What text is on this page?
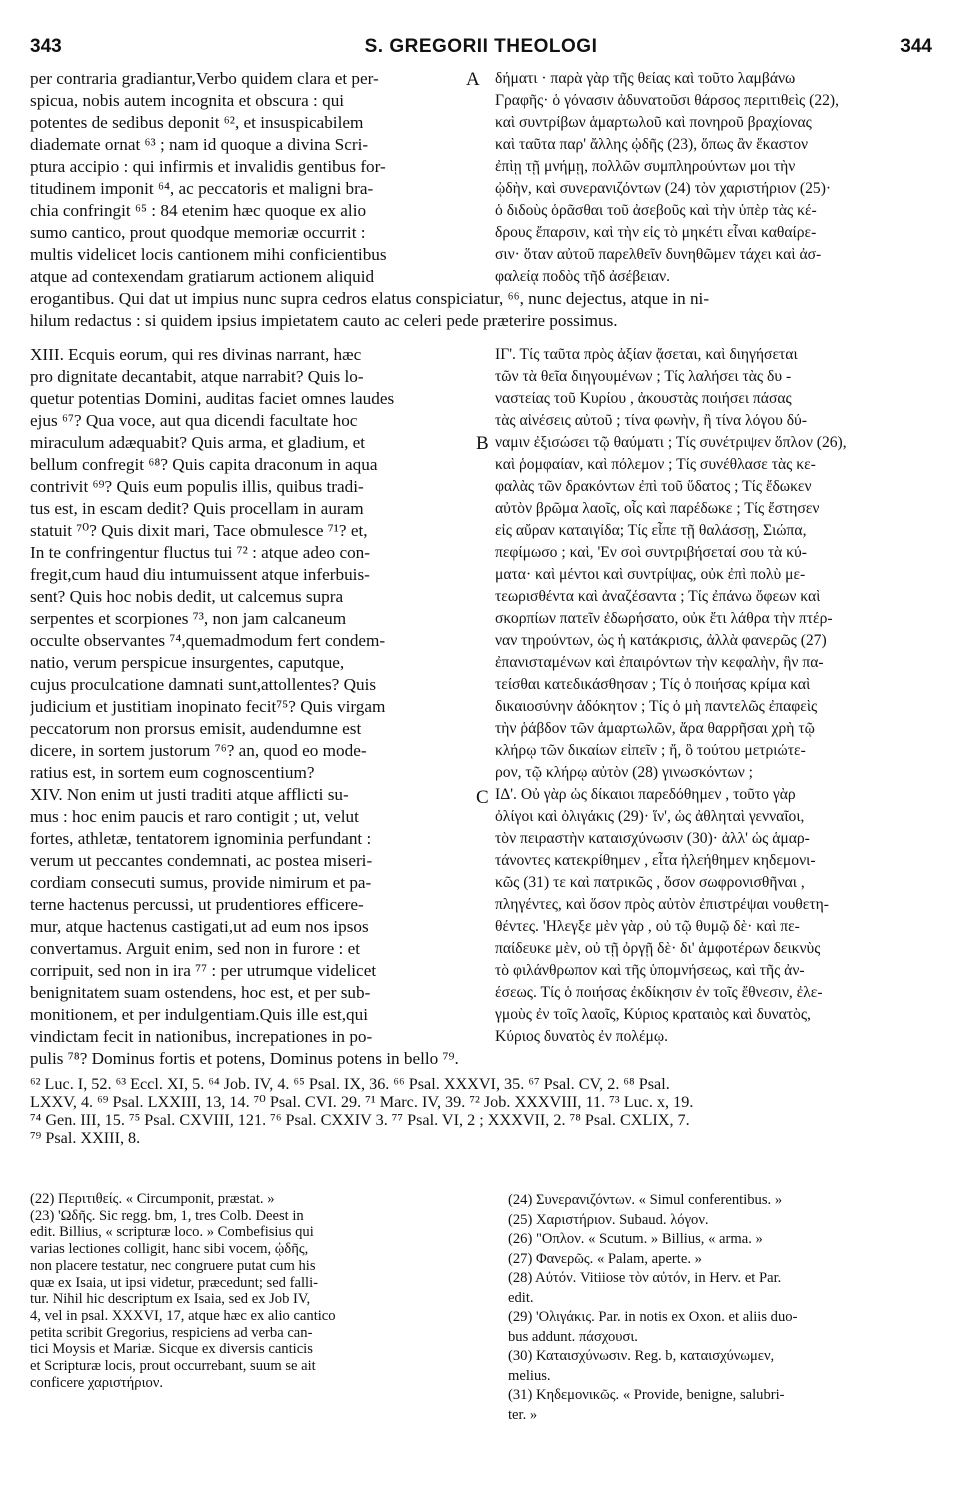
343	S. GREGORII THEOLOGI	344
A
B
C
per contraria gradiantur,Verbo quidem clara et per-
spicua, nobis autem incognita et obscura : qui
potentes de sedibus deponit ⁶², et insuspicabilem
diadematе ornat ⁶³ ; nam id quoque a divina Scri-
ptura accipio : qui infirmis et invalidis gentibus for-
titudinem imponit ⁶⁴, ac peccatoris et maligni bra-
chia confringit ⁶⁵ : 84 etenim hæc quoque ex alio
sumo cantico, prout quodque memoriæ occurrit :
multis videlicet locis cantionem mihi conficientibus
atque ad contexendam gratiarum actionem aliquid
δήματι · παρὰ γὰρ τῆς θείας καὶ τοῦτο λαμβάνω
Γραφῆς· ὁ γόνασιν ἀδυνατοῦσι θάρσος περιτιθεὶς (22),
καὶ συντρίβων ἁμαρτωλοῦ καὶ πονηροῦ βραχίονας
καὶ ταῦτα παρ' ἄλλης ᾠδῆς (23), ὅπως ἂν ἕκαστον
ἐπὶῃ τῇ μνήμῃ, πολλῶν συμπληρούντων μοι τὴν
ᾠδὴν, καὶ συνερανιζόντων (24) τὸν χαριστήριον (25)·
ὁ διδοὺς ὁρᾶσθαι τοῦ ἀσεβοῦς καὶ τὴν ὑπὲρ τὰς κέ-
δρους ἔπαρσιν, καὶ τὴν εἰς τὸ μηκέτι εἶναι καθαίρε-
σιν· ὅταν αὐτοῦ παρελθεῖν δυνηθῶμεν τάχει καὶ ἀσ-
φαλείᾳ ποδὸς τῆδ ἀσέβειαν.
erogantibus. Qui dat ut impius nunc supra cedros elatus conspiciatur, ⁶⁶, nunc dejectus, atque in ni-
hilum redactus : si quidem ipsius impietatem cauto ac celeri pede præterire possimus.
XIII. Ecquis eorum, qui res divinas narrant, hæc
pro dignitate decantabit, atque narrabit? Quis lo-
quetur potentias Domini, auditas faciet omnes laudes
ejus ⁶⁷? Qua voce, aut qua dicendi facultate hoc
miraculum adæquabit? Quis arma, et gladium, et
bellum confregit ⁶⁸? Quis capita draconum in aqua
contrivit ⁶⁹? Quis eum populis illis, quibus tradi-
tus est, in escam dedit? Quis procellam in auram
statuit ⁷⁰? Quis dixit mari, Tace obmulesce ⁷¹? et,
In te confringentur fluctus tui ⁷² : atque adeo con-
fregit,cum haud diu intumuissent atque inferbuis-
sent? Quis hoc nobis dedit, ut calcemus supra
serpentes et scorpiones ⁷³, non jam calcaneum
occulte observantes ⁷⁴,quemadmodum fert condem-
natio, verum perspicue insurgentes, caputque,
cujus proculcatione damnati sunt,attollentes? Quis
judicium et justitiam inopinato fecit⁷⁵? Quis virgam
peccatorum non prorsus emisit, audendumne est
dicere, in sortem justorum ⁷⁶? an, quod eo mode-
ratius est, in sortem eum cognoscentium?
XIV. Non enim ut justi traditi atque afflicti su-
mus : hoc enim paucis et raro contigit ; ut, velut
fortes, athletæ, tentatorem ignominia perfundant :
verum ut peccantes condemnati, ac postea miseri-
cordiam consecuti sumus, provide nimirum et pa-
terne hactenus percussi, ut prudentiores efficere-
mur, atque hactenus castigati,ut ad eum nos ipsos
convertamus. Arguit enim, sed non in furore : et
corripuit, sed non in ira ⁷⁷ : per utrumque videlicet
benignitatem suam ostendens, hoc est, et per sub-
monitionem, et per indulgentiam.Quis ille est,qui
vindictam fecit in nationibus, increpationes in po-
ΙΓ'. Τίς ταῦτα πρὸς ἀξίαν ᾄσεται, καὶ διηγήσεται
τῶν τὰ θεῖα διηγουμένων ; Τίς λαλήσει τὰς δυ -
ναστείας τοῦ Κυρίου , ἀκουστὰς ποιήσει πάσας
τὰς αἰνέσεις αὐτοῦ ; τίνα φωνὴν, ἢ τίνα λόγου δύ-
ναμιν ἐξισώσει τῷ θαύματι ; Τίς συνέτριψεν ὅπλον (26),
καὶ ῥομφαίαν, καὶ πόλεμον ; Τίς συνέθλασε τὰς κε-
φαλὰς τῶν δρακόντων ἐπὶ τοῦ ὕδατος ; Τίς ἔδωκεν
αὐτὸν βρῶμα λαοῖς, οἷς καὶ παρέδωκε ; Τίς ἔστησεν
εἰς αὔραν καταιγίδα; Τίς εἶπε τῇ θαλάσσῃ, Σιώπα,
πεφίμωσο ; καὶ, 'Εν σοὶ συντριβήσεταί σου τὰ κύ-
ματα· καὶ μέντοι καὶ συντρίψας, οὐκ ἐπὶ πολὺ με-
τεωρισθέντα καὶ ἀναζέσαντα ; Τίς ἐπάνω ὄφεων καὶ
σκορπίων πατεῖν ἐδωρήσατο, οὐκ ἔτι λάθρα τὴν πτέρ-
ναν τηρούντων, ὡς ἡ κατάκρισις, ἀλλὰ φανερῶς (27)
ἐπανισταμένων καὶ ἐπαιρόντων τὴν κεφαλὴν, ἣν πα-
τείσθαι κατεδικάσθησαν ; Τίς ὁ ποιήσας κρίμα καὶ
δικαιοσύνην ἀδόκητον ; Τίς ὁ μὴ παντελῶς ἐπαφεὶς
τὴν ῥάβδον τῶν ἁμαρτωλῶν, ἄρα θαρρῆσαι χρὴ τῷ
κλήρῳ τῶν δικαίων εἰπεῖν ; ἤ, ὃ τούτου μετριώτε-
ρον, τῷ κλήρῳ αὐτὸν (28) γινωσκόντων ;
ΙΔ'. Οὐ γὰρ ὡς δίκαιοι παρεδόθημεν , τοῦτο γὰρ
ὀλίγοι καὶ ὀλιγάκις (29)· ἵν', ὡς ἀθληταὶ γενναῖοι,
τὸν πειραστὴν καταισχύνωσιν (30)· ἀλλ' ὡς ἁμαρ-
τάνοντες κατεκρίθημεν , εἶτα ἠλεήθημεν κηδεμονι-
κῶς (31) τε καὶ πατρικῶς , ὅσον σωφρονισθῆναι ,
πληγέντες, καὶ ὅσον πρὸς αὐτὸν ἐπιστρέψαι νουθετη-
θέντες. 'Ηλεγξε μὲν γὰρ , οὐ τῷ θυμῷ δὲ· καὶ πε-
παίδευκε μὲν, οὐ τῇ ὀργῇ δὲ· δι' ἀμφοτέρων δεικνὺς
τὸ φιλάνθρωπον καὶ τῆς ὑπομνήσεως, καὶ τῆς ἀν-
έσεως. Τίς ὁ ποιήσας ἐκδίκησιν ἐν τοῖς ἔθνεσιν, ἐλε-
γμοὺς ἐν τοῖς λαοῖς, Κύριος κραταιὸς καὶ δυνατὸς,
Κύριος δυνατὸς ἐν πολέμῳ.
pulis ⁷⁸? Dominus fortis et potens, Dominus potens in bello ⁷⁹.
⁶² Luc. I, 52. ⁶³ Eccl. XI, 5. ⁶⁴ Job. IV, 4. ⁶⁵ Psal. IX, 36. ⁶⁶ Psal. XXXVI, 35. ⁶⁷ Psal. CV, 2. ⁶⁸ Psal.
LXXV, 4. ⁶⁹ Psal. LXXIII, 13, 14. ⁷⁰ Psal. CVI. 29. ⁷¹ Marc. IV, 39. ⁷² Job. XXXVIII, 11. ⁷³ Luc. x, 19.
⁷⁴ Gen. III, 15. ⁷⁵ Psal. CXVIII, 121. ⁷⁶ Psal. CXXIV 3. ⁷⁷ Psal. VI, 2 ; XXXVII, 2. ⁷⁸ Psal. CXLIX, 7.
⁷⁹ Psal. XXIII, 8.
(22) Περιτιθείς. « Circumponit, præstat. »
(23) 'Ωδῆς. Sic regg. bm, 1, tres Colb. Deest in
edit. Billius, « scripturæ loco. » Combefisius qui
varias lectiones colligit, hanc sibi vocem, ᾠδῆς,
non placere testatur, nec congruere putat cum his
quæ ex Isaia, ut ipsi videtur, præcedunt; sed falli-
tur. Nihil hic descriptum ex Isaia, sed ex Job IV,
4, vel in psal. XXXVI, 17, atque hæc ex alio cantico
petita scribit Gregorius, respiciens ad verba can-
tici Moysis et Mariæ. Sicque ex diversis canticis
et Scripturæ locis, prout occurrebant, suum se ait
conficere χαριστήριον.
(24) Συνερανιζόντων. « Simul conferentibus. »
(25) Χαριστήριον. Subaud. λόγον.
(26) "Οπλον. « Scutum. » Billius, « arma. »
(27) Φανερῶς. « Palam, aperte. »
(28) Αὐτόν. Vitiiose τὸν αὐτόν, in Herv. et Par.
edit.
(29) 'Ολιγάκις. Par. in notis ex Oxon. et aliis duo-
bus addunt. πάσχουσι.
(30) Καταισχύνωσιν. Reg. b, καταισχύνωμεν,
melius.
(31) Κηδεμονικῶς. « Provide, benigne, salubri-
ter. »
